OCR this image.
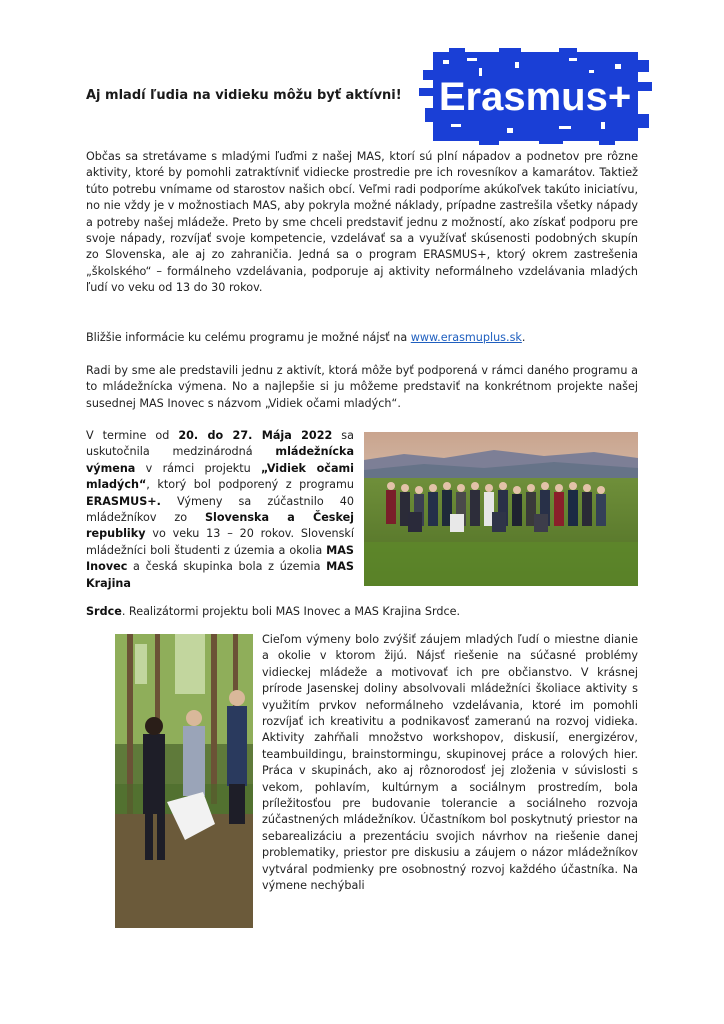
Aj mladí ľudia na vidieku môžu byť aktívni! Erasmus+
Občas sa stretávame s mladými ľuďmi z našej MAS, ktorí sú plní nápadov a podnetov pre rôzne aktivity, ktoré by pomohli zatraktívniť vidiecke prostredie pre ich rovesníkov a kamarátov. Taktiež túto potrebu vnímame od starostov našich obcí. Veľmi radi podporíme akúkoľvek takúto iniciatívu, no nie vždy je v možnostiach MAS, aby pokryla možné náklady, prípadne zastrešila všetky nápady a potreby našej mládeže. Preto by sme chceli predstaviť jednu z možností, ako získať podporu pre svoje nápady, rozvíjať svoje kompetencie, vzdelávať sa a využívať skúsenosti podobných skupín zo Slovenska, ale aj zo zahraničia. Jedná sa o program ERASMUS+, ktorý okrem zastrešenia „školského“ – formálneho vzdelávania, podporuje aj aktivity neformálneho vzdelávania mladých ľudí vo veku od 13 do 30 rokov.
Bližšie informácie ku celému programu je možné nájsť na www.erasmuplus.sk.
Radi by sme ale predstavili jednu z aktivít, ktorá môže byť podporená v rámci daného programu a to mládežnícka výmena. No a najlepšie si ju môžeme predstaviť na konkrétnom projekte našej susednej MAS Inovec s názvom „Vidiek očami mladých“.
V termine od 20. do 27. Mája 2022 sa uskutočnila medzinárodná mládežnícka výmena v rámci projektu „Vidiek očami mladých“, ktorý bol podporený z programu ERASMUS+. Výmeny sa zúčastnilo 40 mládežníkov zo Slovenska a Českej republiky vo veku 13 – 20 rokov. Slovenskí mládežníci boli študenti z územia a okolia MAS Inovec a česká skupinka bola z územia MAS Krajina
Srdce. Realizátormi projektu boli MAS Inovec a MAS Krajina Srdce.
Cieľom výmeny bolo zvýšiť záujem mladých ľudí o miestne dianie a okolie v ktorom žijú. Nájsť riešenie na súčasné problémy vidieckej mládeže a motivovať ich pre občianstvo. V krásnej prírode Jasenskej doliny absolvovali mládežníci školiace aktivity s využitím prvkov neformálneho vzdelávania, ktoré im pomohli rozvíjať ich kreativitu a podnikavosť zameranú na rozvoj vidieka. Aktivity zahŕňali množstvo workshopov, diskusií, energizérov, teambuildingu, brainstormingu, skupinovej práce a rolových hier. Práca v skupinách, ako aj rôznorodosť jej zloženia v súvislosti s vekom, pohlavím, kultúrnym a sociálnym prostredím, bola príležitosťou pre budovanie tolerancie a sociálneho rozvoja zúčastnených mládežníkov. Účastníkom bol poskytnutý priestor na sebarealizáciu a prezentáciu svojich návrhov na riešenie danej problematiky, priestor pre diskusiu a záujem o názor mládežníkov vytváral podmienky pre osobnostný rozvoj každého účastníka. Na výmene nechýbali
